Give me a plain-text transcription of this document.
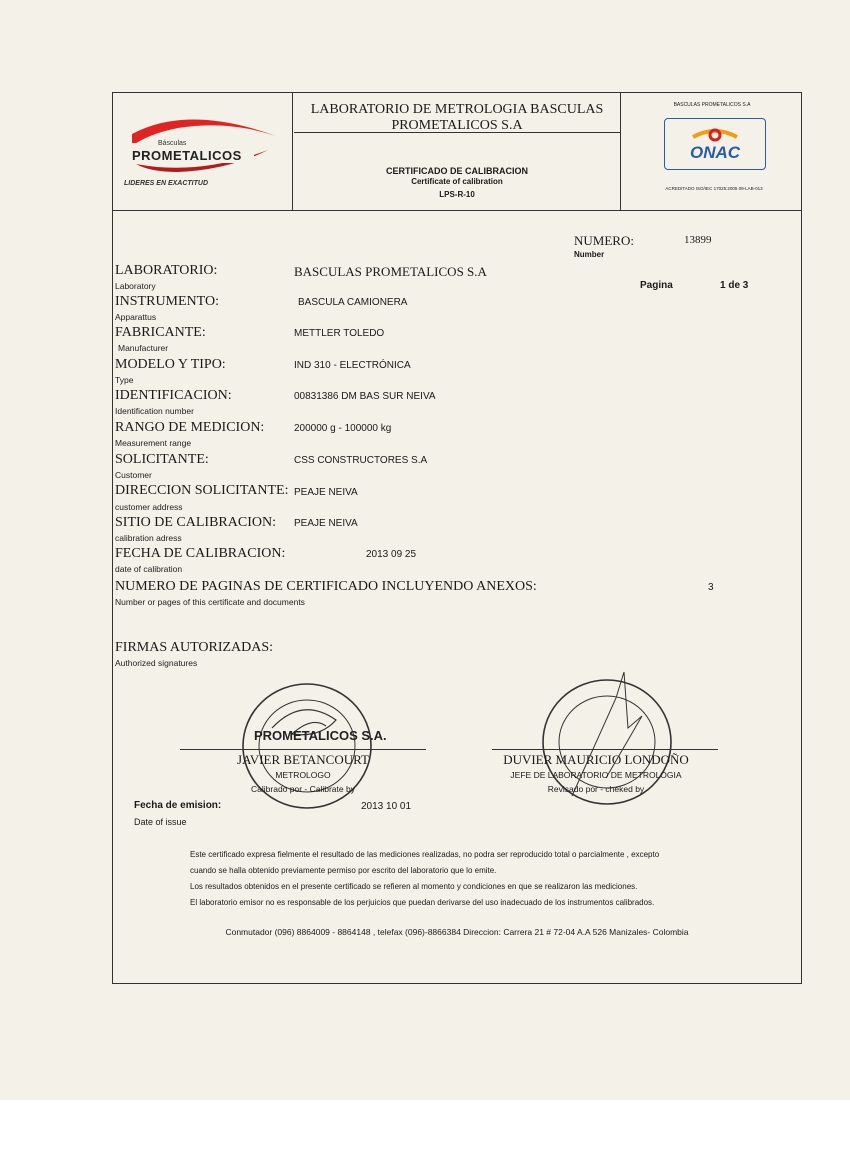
Básculas
PROMETALICOS
LIDERES EN EXACTITUD
LABORATORIO DE METROLOGIA BASCULAS PROMETALICOS S.A
CERTIFICADO DE CALIBRACION
Certificate of calibration
LPS-R-10
BASCULAS PROMETALICOS S.A
ONAC
ACREDITADO ISO/IEC 17025:2005 09-LAB-013
NUMERO:
Number
13899
Pagina	1 de 3
LABORATORIO:
Laboratory
BASCULAS PROMETALICOS S.A
INSTRUMENTO:
Apparattus
BASCULA CAMIONERA
FABRICANTE:
Manufacturer
METTLER TOLEDO
MODELO Y TIPO:
Type
IND 310 - ELECTRÓNICA
IDENTIFICACION:
Identification number
00831386 DM BAS SUR NEIVA
RANGO DE MEDICION:
Measurement range
200000 g - 100000 kg
SOLICITANTE:
Customer
CSS CONSTRUCTORES S.A
DIRECCION SOLICITANTE:
customer address
PEAJE NEIVA
SITIO DE CALIBRACION:
calibration adress
PEAJE NEIVA
FECHA DE CALIBRACION:
date of calibration
2013 09 25
NUMERO DE PAGINAS DE CERTIFICADO INCLUYENDO ANEXOS:
Number or pages of this certificate and documents
3
FIRMAS AUTORIZADAS:
Authorized signatures
PROMETALICOS S.A.
JAVIER BETANCOURT
METROLOGO
Calibrado por - Calibrate by
DUVIER MAURICIO LONDOÑO
JEFE DE LABORATORIO DE METROLOGIA
Revisado por - cheked by
Fecha de emision:
Date of issue
2013 10 01
Este certificado expresa fielmente el resultado de las mediciones realizadas, no podra ser reproducido total o parcialmente , excepto
cuando se halla obtenido previamente permiso por escrito del laboratorio que lo emite.
Los resultados obtenidos en el presente certificado se refieren al momento y condiciones en que se realizaron las mediciones.
El laboratorio emisor no es responsable de los perjuicios que puedan derivarse del uso inadecuado de los instrumentos calibrados.
Conmutador (096) 8864009 - 8864148 , telefax (096)-8866384 Direccion: Carrera 21 # 72-04 A.A 526 Manizales- Colombia
